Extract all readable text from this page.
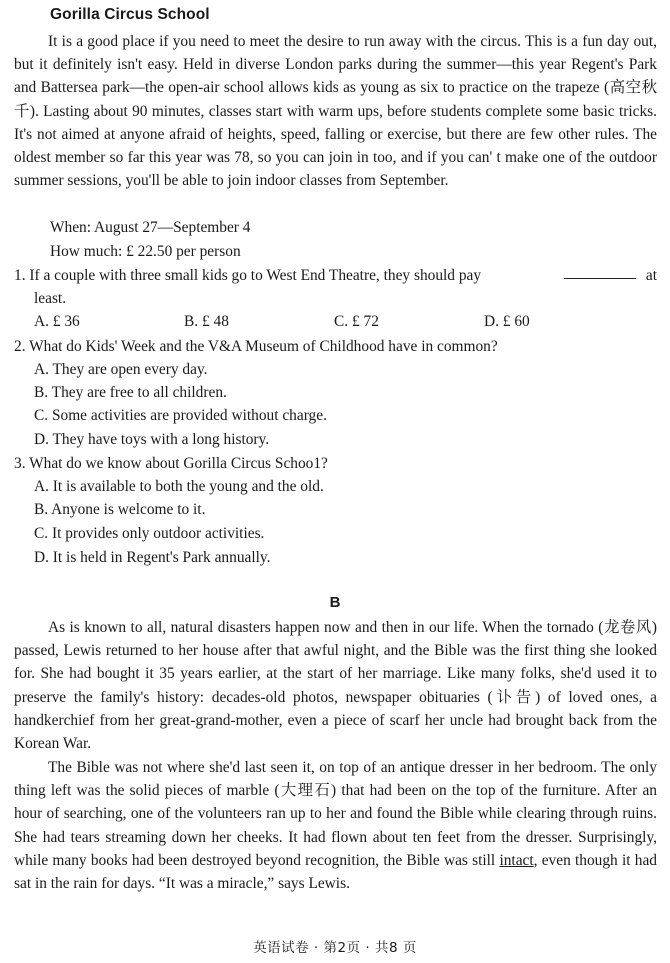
Gorilla Circus School
It is a good place if you need to meet the desire to run away with the circus. This is a fun day out, but it definitely isn't easy. Held in diverse London parks during the summer—this year Regent's Park and Battersea park—the open-air school allows kids as young as six to practice on the trapeze (高空秋千). Lasting about 90 minutes, classes start with warm ups, before students complete some basic tricks. It's not aimed at anyone afraid of heights, speed, falling or exercise, but there are few other rules. The oldest member so far this year was 78, so you can join in too, and if you can' t make one of the outdoor summer sessions, you'll be able to join indoor classes from September.
When: August 27—September 4
How much: £ 22.50 per person
1. If a couple with three small kids go to West End Theatre, they should pay	at
least.
A. £ 36	B. £ 48	C. £ 72	D. £ 60
2. What do Kids' Week and the V&A Museum of Childhood have in common?
A. They are open every day.
B. They are free to all children.
C. Some activities are provided without charge.
D. They have toys with a long history.
3. What do we know about Gorilla Circus Schoo1?
A. It is available to both the young and the old.
B. Anyone is welcome to it.
C. It provides only outdoor activities.
D. It is held in Regent's Park annually.
B
As is known to all, natural disasters happen now and then in our life. When the tornado (龙卷风) passed, Lewis returned to her house after that awful night, and the Bible was the first thing she looked for. She had bought it 35 years earlier, at the start of her marriage. Like many folks, she'd used it to preserve the family's history: decades-old photos, newspaper obituaries (讣告) of loved ones, a handkerchief from her great-grand-mother, even a piece of scarf her uncle had brought back from the Korean War.
The Bible was not where she'd last seen it, on top of an antique dresser in her bedroom. The only thing left was the solid pieces of marble (大理石) that had been on the top of the furniture. After an hour of searching, one of the volunteers ran up to her and found the Bible while clearing through ruins. She had tears streaming down her cheeks. It had flown about ten feet from the dresser. Surprisingly, while many books had been destroyed beyond recognition, the Bible was still intact, even though it had sat in the rain for days. “It was a miracle,” says Lewis.
英语试卷 · 第2页 · 共8 页
